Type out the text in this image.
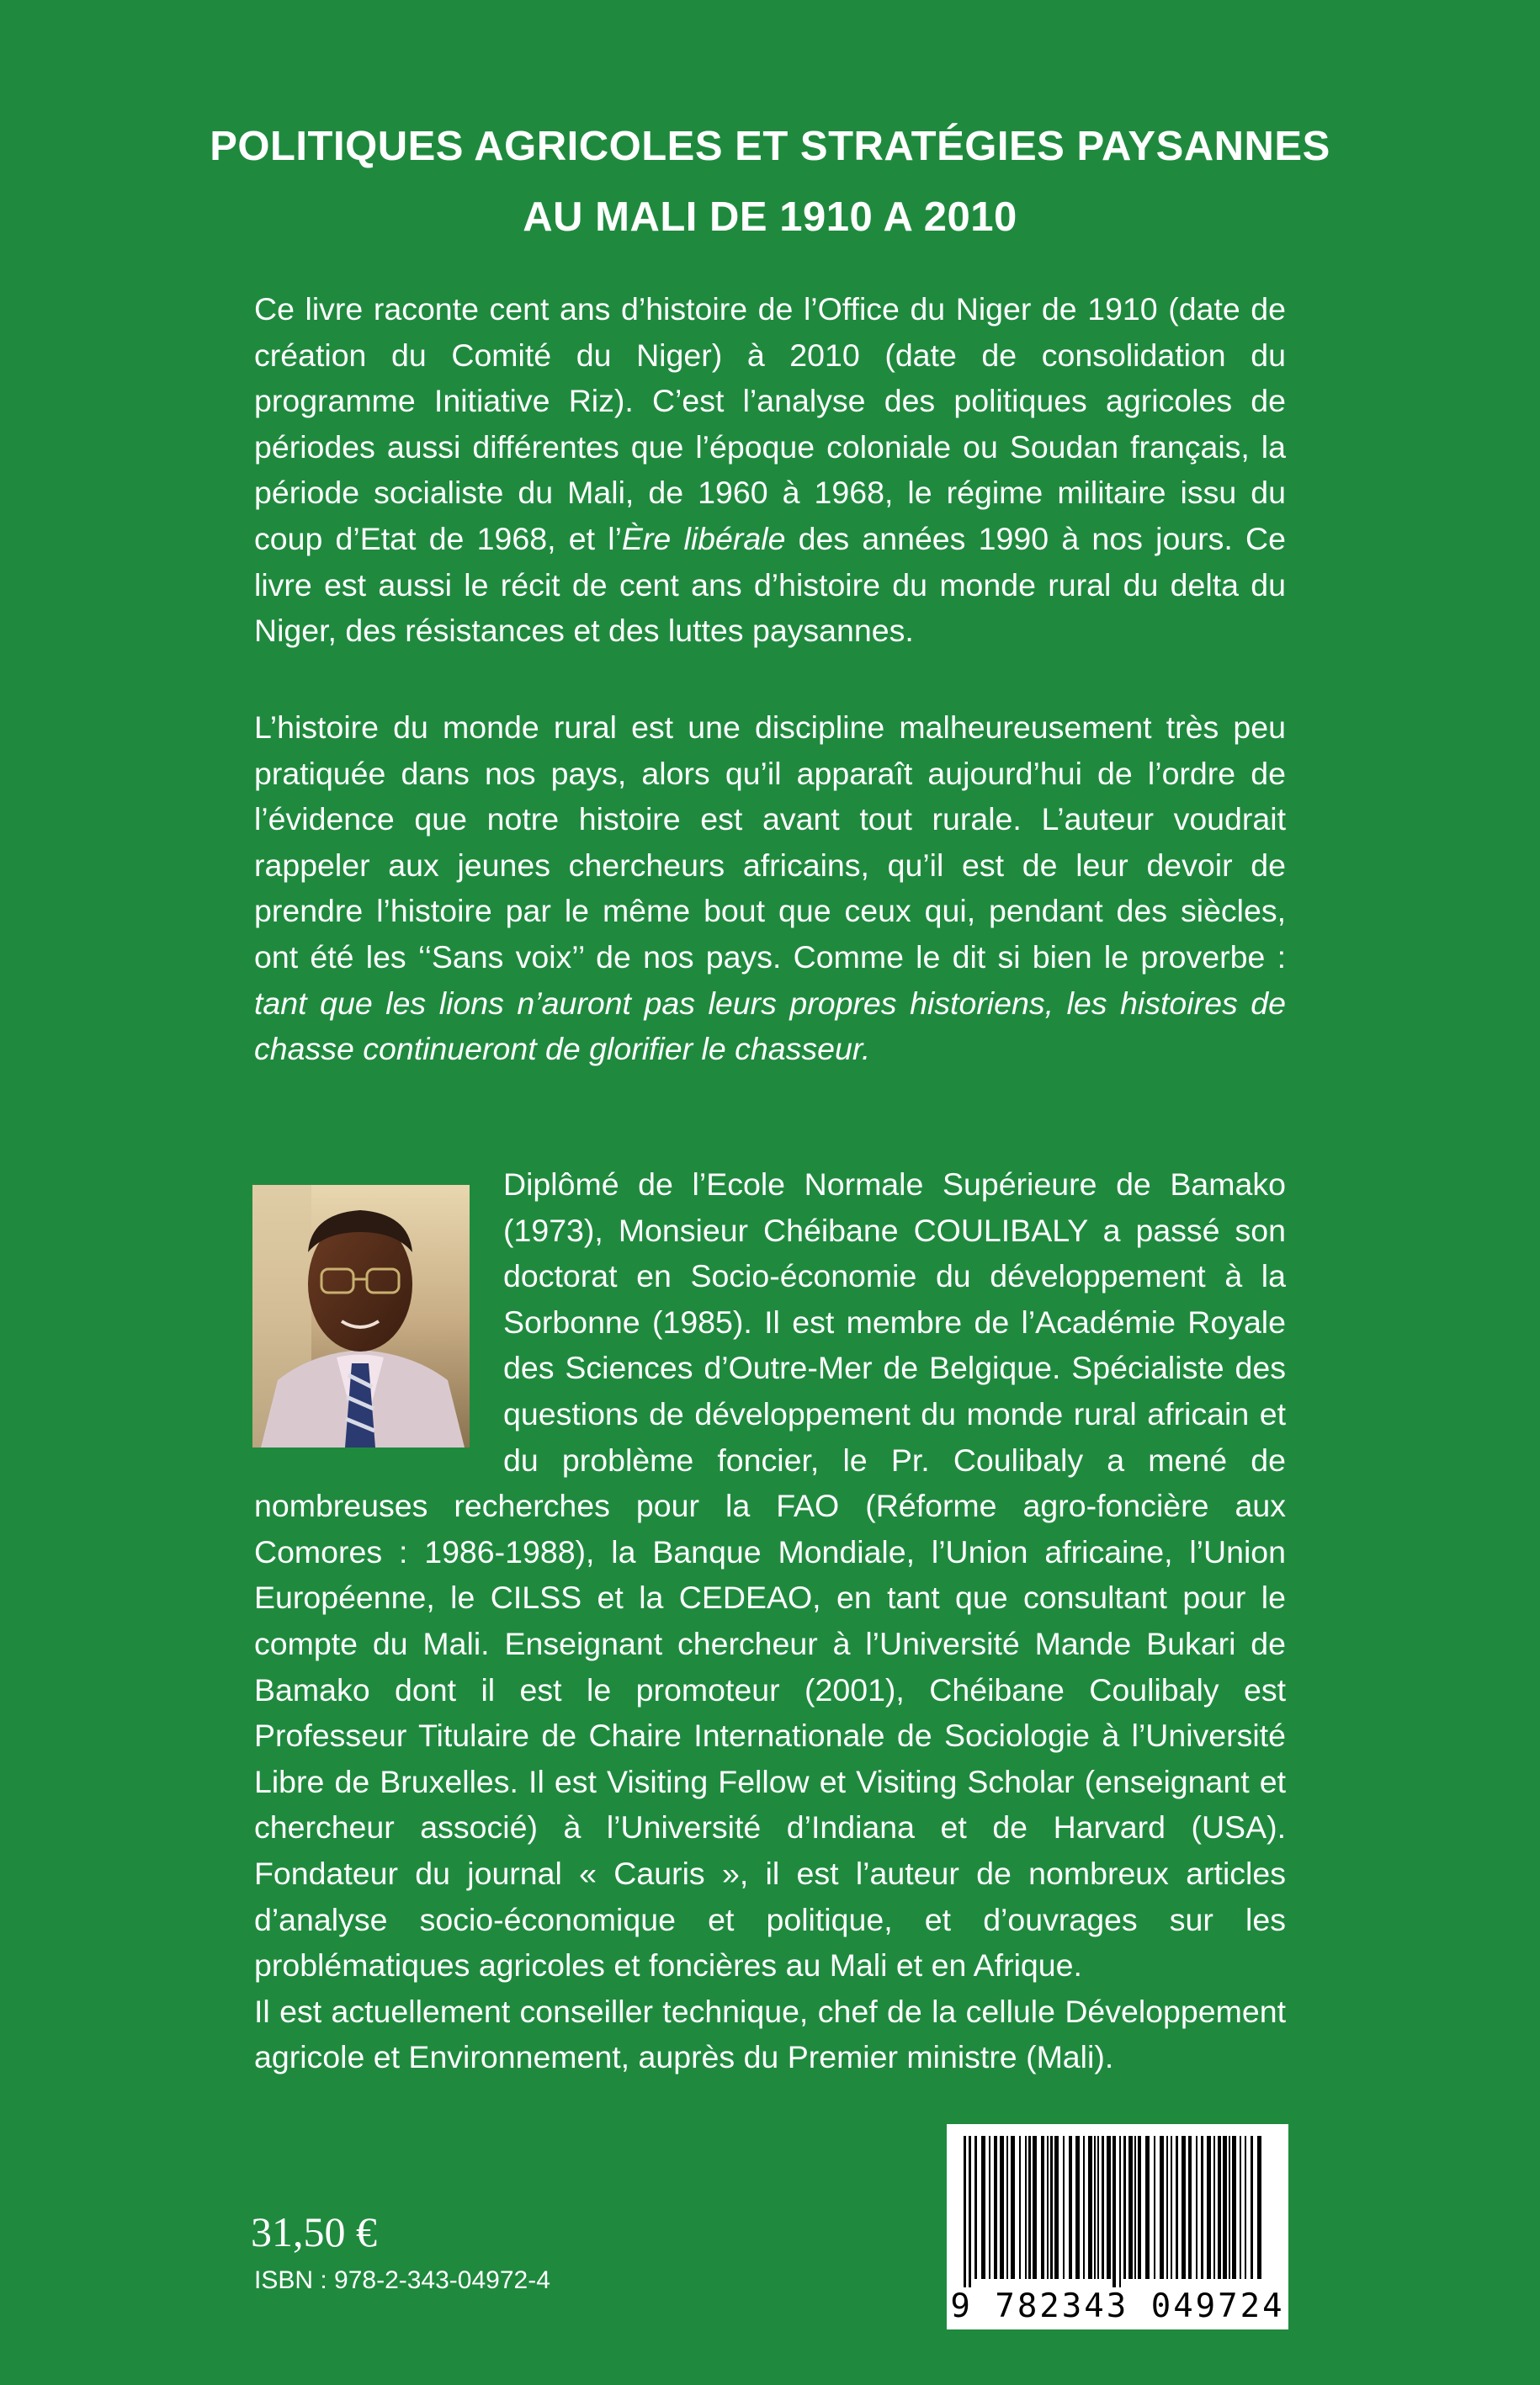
POLITIQUES AGRICOLES ET STRATÉGIES PAYSANNES
AU MALI DE 1910 A 2010

Ce livre raconte cent ans d’histoire de l’Office du Niger de 1910 (date de création du Comité du Niger) à 2010 (date de consolidation du programme Initiative Riz). C’est l’analyse des politiques agricoles de périodes aussi différentes que l’époque coloniale ou Soudan français, la période socialiste du Mali, de 1960 à 1968, le régime militaire issu du coup d’Etat de 1968, et l’Ère libérale des années 1990 à nos jours. Ce livre est aussi le récit de cent ans d’histoire du monde rural du delta du Niger, des résistances et des luttes paysannes.

L’histoire du monde rural est une discipline malheureusement très peu pratiquée dans nos pays, alors qu’il apparaît aujourd’hui de l’ordre de l’évidence que notre histoire est avant tout rurale. L’auteur voudrait rappeler aux jeunes chercheurs africains, qu’il est de leur devoir de prendre l’histoire par le même bout que ceux qui, pendant des siècles, ont été les ‘‘Sans voix’’ de nos pays. Comme le dit si bien le proverbe : tant que les lions n’auront pas leurs propres historiens, les histoires de chasse continueront de glorifier le chasseur.

Diplômé de l’Ecole Normale Supérieure de Bamako (1973), Monsieur Chéibane COULIBALY a passé son doctorat en Socio-économie du développement à la Sorbonne (1985). Il est membre de l’Académie Royale des Sciences d’Outre-Mer de Belgique. Spécialiste des questions de développement du monde rural africain et du problème foncier, le Pr. Coulibaly a mené de nombreuses recherches pour la FAO (Réforme agro-foncière aux Comores : 1986-1988), la Banque Mondiale, l’Union africaine, l’Union Européenne, le CILSS et la CEDEAO, en tant que consultant pour le compte du Mali. Enseignant chercheur à l’Université Mande Bukari de Bamako dont il est le promoteur (2001), Chéibane Coulibaly est Professeur Titulaire de Chaire Internationale de Sociologie à l’Université Libre de Bruxelles. Il est Visiting Fellow et Visiting Scholar (enseignant et chercheur associé) à l’Université d’Indiana et de Harvard (USA). Fondateur du journal « Cauris », il est l’auteur de nombreux articles d’analyse socio-économique et politique, et d’ouvrages sur les problématiques agricoles et foncières au Mali et en Afrique.

Il est actuellement conseiller technique, chef de la cellule Développement agricole et Environnement, auprès du Premier ministre (Mali).

31,50 €
ISBN : 978-2-343-04972-4
9 782343 049724
